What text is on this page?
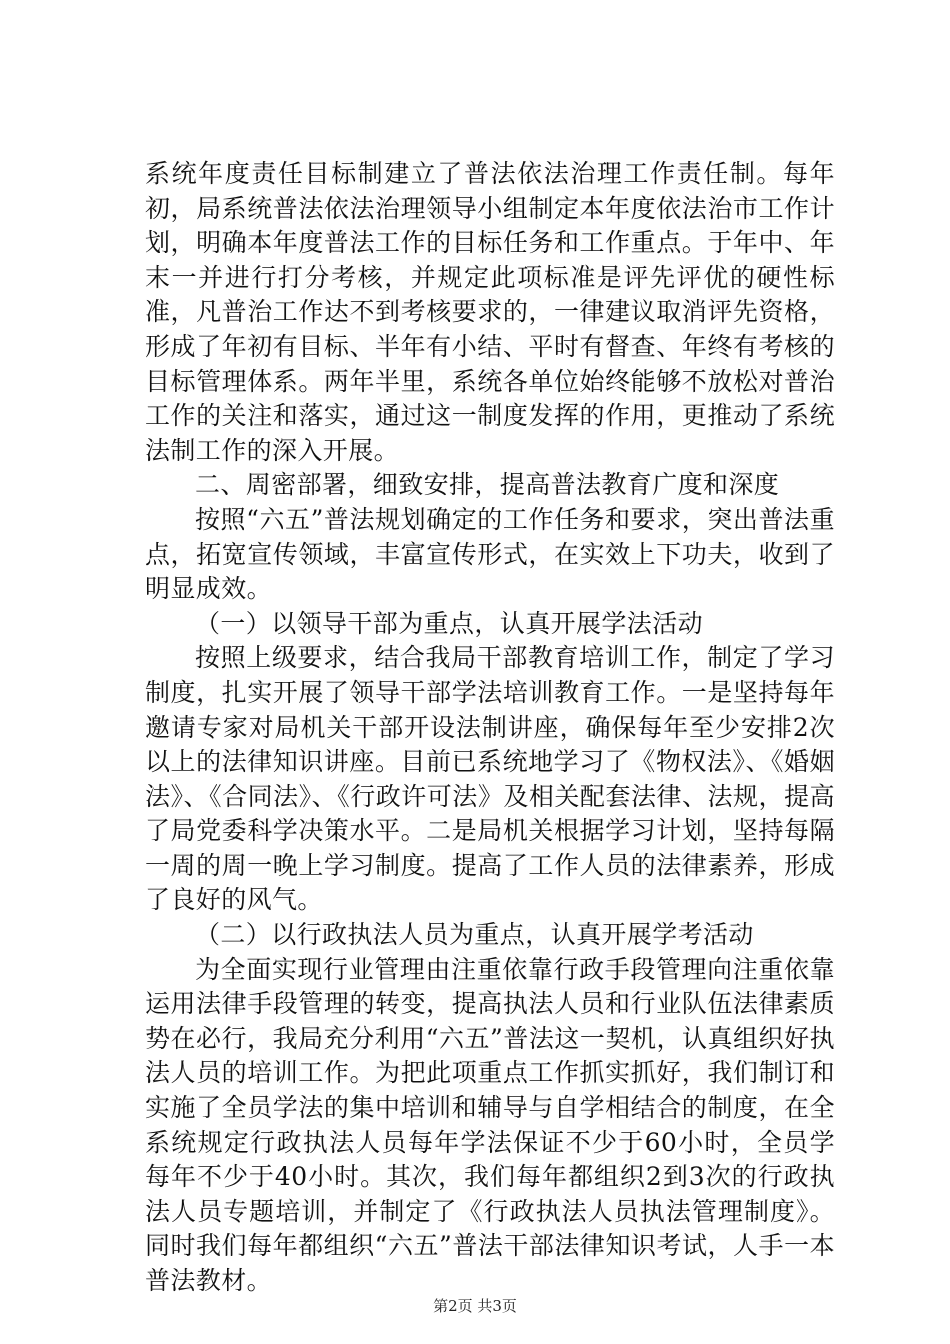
系统年度责任目标制建立了普法依法治理工作责任制。每年初，局系统普法依法治理领导小组制定本年度依法治市工作计划，明确本年度普法工作的目标任务和工作重点。于年中、年末一并进行打分考核，并规定此项标准是评先评优的硬性标准，凡普治工作达不到考核要求的，一律建议取消评先资格，形成了年初有目标、半年有小结、平时有督查、年终有考核的目标管理体系。两年半里，系统各单位始终能够不放松对普治工作的关注和落实，通过这一制度发挥的作用，更推动了系统法制工作的深入开展。

二、周密部署，细致安排，提高普法教育广度和深度

按照“六五”普法规划确定的工作任务和要求，突出普法重点，拓宽宣传领域，丰富宣传形式，在实效上下功夫，收到了明显成效。

（一）以领导干部为重点，认真开展学法活动

按照上级要求，结合我局干部教育培训工作，制定了学习制度，扎实开展了领导干部学法培训教育工作。一是坚持每年邀请专家对局机关干部开设法制讲座，确保每年至少安排2次以上的法律知识讲座。目前已系统地学习了《物权法》、《婚姻法》、《合同法》、《行政许可法》及相关配套法律、法规，提高了局党委科学决策水平。二是局机关根据学习计划，坚持每隔一周的周一晚上学习制度。提高了工作人员的法律素养，形成了良好的风气。

（二）以行政执法人员为重点，认真开展学考活动

为全面实现行业管理由注重依靠行政手段管理向注重依靠运用法律手段管理的转变，提高执法人员和行业队伍法律素质势在必行，我局充分利用“六五”普法这一契机，认真组织好执法人员的培训工作。为把此项重点工作抓实抓好，我们制订和实施了全员学法的集中培训和辅导与自学相结合的制度，在全系统规定行政执法人员每年学法保证不少于60小时，全员学每年不少于40小时。其次，我们每年都组织2到3次的行政执法人员专题培训，并制定了《行政执法人员执法管理制度》。同时我们每年都组织“六五”普法干部法律知识考试，人手一本普法教材。

第2页 共3页
